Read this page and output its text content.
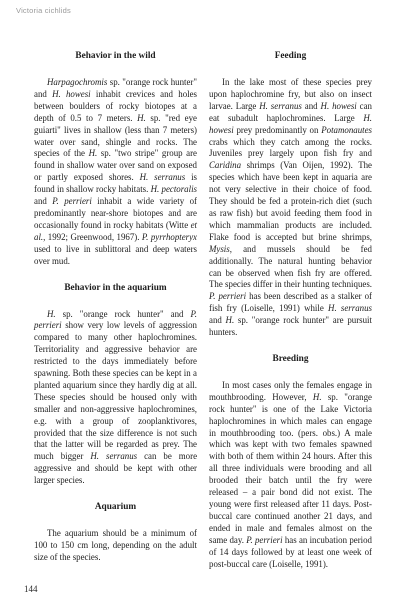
Victoria cichlids
Behavior in the wild

Harpagochromis sp. "orange rock hunter" and H. howesi inhabit crevices and holes between boulders of rocky biotopes at a depth of 0.5 to 7 meters. H. sp. "red eye guiarti" lives in shallow (less than 7 meters) water over sand, shingle and rocks. The species of the H. sp. "two stripe" group are found in shallow water over sand on exposed or partly exposed shores. H. serranus is found in shallow rocky habitats. H. pectoralis and P. perrieri inhabit a wide variety of predominantly near-shore biotopes and are occasionally found in rocky habitats (Witte et al., 1992; Greenwood, 1967). P. pyrrhopteryx used to live in sublittoral and deep waters over mud.

Behavior in the aquarium

H. sp. "orange rock hunter" and P. perrieri show very low levels of aggression compared to many other haplochromines. Territoriality and aggressive behavior are restricted to the days immediately before spawning. Both these species can be kept in a planted aquarium since they hardly dig at all. These species should be housed only with smaller and non-aggressive haplochromines, e.g. with a group of zooplanktivores, provided that the size difference is not such that the latter will be regarded as prey. The much bigger H. serranus can be more aggressive and should be kept with other larger species.

Aquarium

The aquarium should be a minimum of 100 to 150 cm long, depending on the adult size of the species.

Feeding

In the lake most of these species prey upon haplochromine fry, but also on insect larvae. Large H. serranus and H. howesi can eat subadult haplochromines. Large H. howesi prey predominantly on Potamonautes crabs which they catch among the rocks. Juveniles prey largely upon fish fry and Caridina shrimps (Van Oijen, 1992). The species which have been kept in aquaria are not very selective in their choice of food. They should be fed a protein-rich diet (such as raw fish) but avoid feeding them food in which mammalian products are included. Flake food is accepted but brine shrimps, Mysis, and mussels should be fed additionally. The natural hunting behavior can be observed when fish fry are offered. The species differ in their hunting techniques. P. perrieri has been described as a stalker of fish fry (Loiselle, 1991) while H. serranus and H. sp. "orange rock hunter" are pursuit hunters.

Breeding

In most cases only the females engage in mouthbrooding. However, H. sp. "orange rock hunter" is one of the Lake Victoria haplochromines in which males can engage in mouthbrooding too. (pers. obs.) A male which was kept with two females spawned with both of them within 24 hours. After this all three individuals were brooding and all brooded their batch until the fry were released – a pair bond did not exist. The young were first released after 11 days. Post-buccal care continued another 21 days, and ended in male and females almost on the same day. P. perrieri has an incubation period of 14 days followed by at least one week of post-buccal care (Loiselle, 1991).

144
